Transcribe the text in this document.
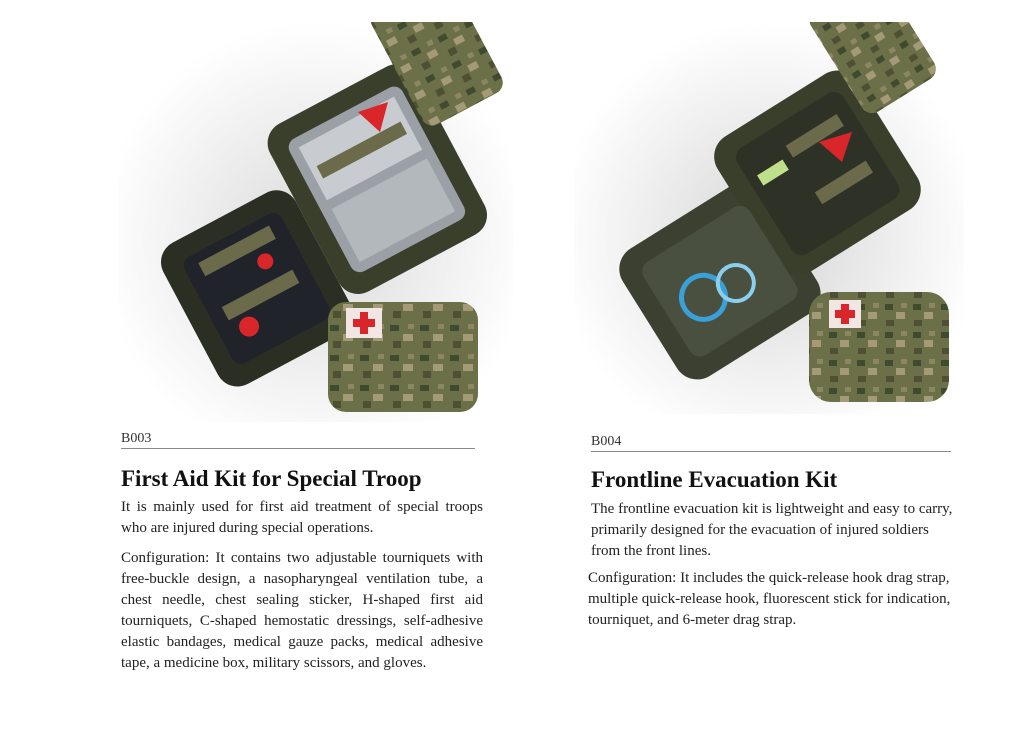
B003
First Aid Kit for Special Troop

It is mainly used for first aid treatment of special troops who are injured during special operations.

Configuration: It contains two adjustable tourniquets with free-buckle design, a nasopharyngeal ventilation tube, a chest needle, chest sealing sticker, H-shaped first aid tourniquets, C-shaped hemostatic dressings, self-adhesive elastic bandages, medical gauze packs, medical adhesive tape, a medicine box, military scissors, and gloves.

B004
Frontline Evacuation Kit

The frontline evacuation kit is lightweight and easy to carry, primarily designed for the evacuation of injured soldiers from the front lines.

Configuration: It includes the quick-release hook drag strap, multiple quick-release hook, fluorescent stick for indication, tourniquet, and 6-meter drag strap.
